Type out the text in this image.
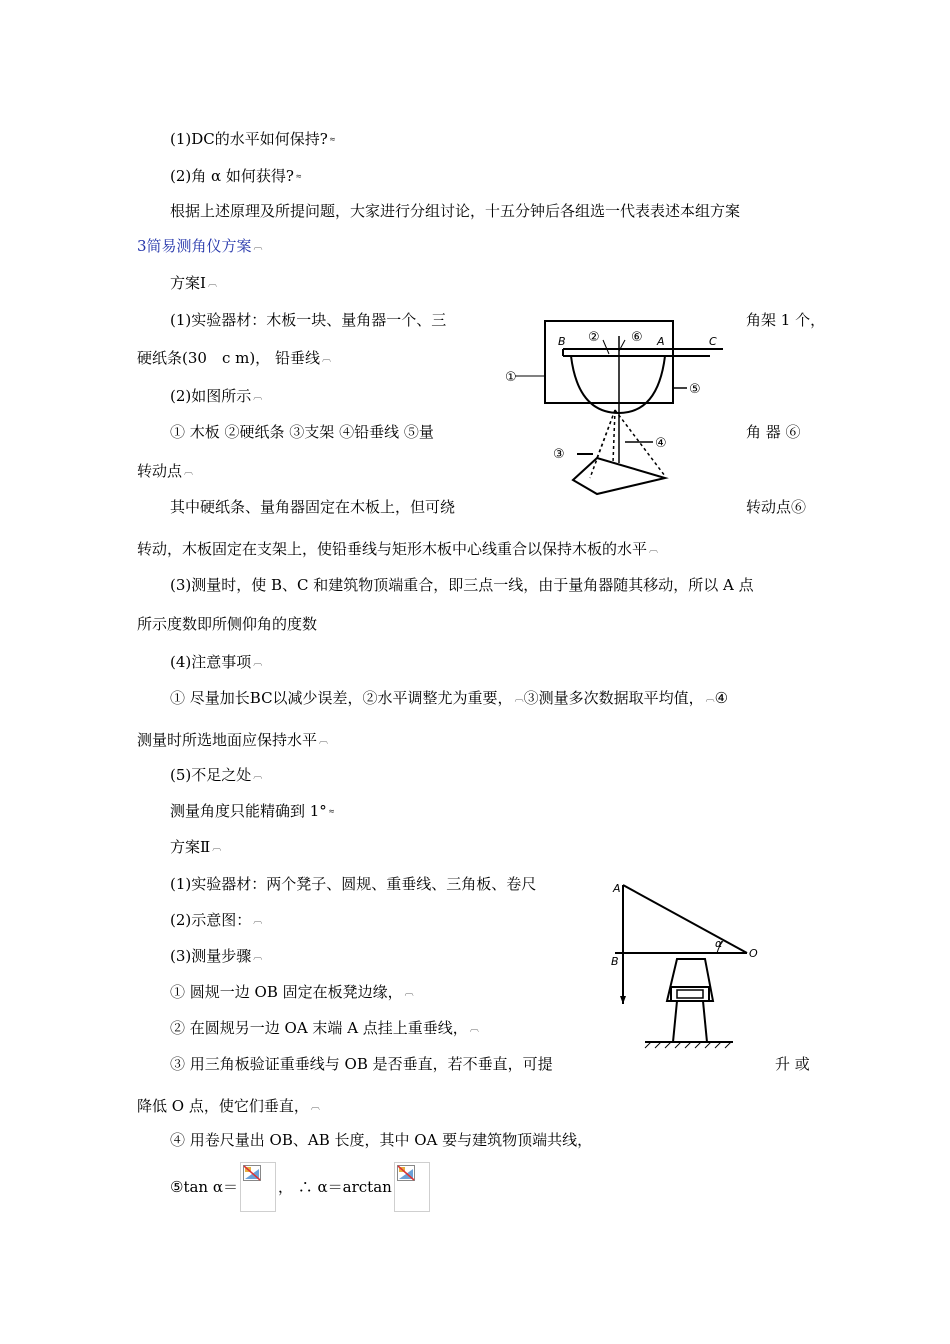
(1)DC的水平如何保持? ≈
(2)角 α 如何获得? ≈
根据上述原理及所提问题，大家进行分组讨论，十五分钟后各组选一代表表述本组方案
3简易测角仪方案 ︹
方案Ⅰ ︹
(1)实验器材：木板一块、量角器一个、三	角架 1 个，
硬纸条(30　c m)， 铅垂线 ︹
(2)如图所示 ︹
① 木板 ②硬纸条 ③支架 ④铅垂线 ⑤量	角 器 ⑥
转动点 ︹
其中硬纸条、量角器固定在木板上，但可绕	转动点⑥
转动，木板固定在支架上，使铅垂线与矩形木板中心线重合以保持木板的水平 ︹
(3)测量时，使 B、C 和建筑物顶端重合，即三点一线，由于量角器随其移动，所以 A 点
所示度数即所侧仰角的度数
(4)注意事项 ︹
① 尽量加长BC以减少误差，②水平调整尤为重要， ︹③测量多次数据取平均值， ︹④
测量时所选地面应保持水平 ︹
(5)不足之处 ︹
测量角度只能精确到 1° ≈
方案Ⅱ ︹
(1)实验器材：两个凳子、圆规、重垂线、三角板、卷尺
(2)示意图： ︹
(3)测量步骤 ︹
① 圆规一边 OB 固定在板凳边缘， ︹
② 在圆规另一边 OA 末端 A 点挂上重垂线， ︹
③ 用三角板验证重垂线与 OB 是否垂直，若不垂直，可提	升 或
降低 O 点，使它们垂直， ︹
④ 用卷尺量出 OB、AB 长度，其中 OA 要与建筑物顶端共线，
⑤tan α＝	， ∴ α＝arctan
B	A	C
①
②
③
④
⑤
⑥
A
B
O
α
